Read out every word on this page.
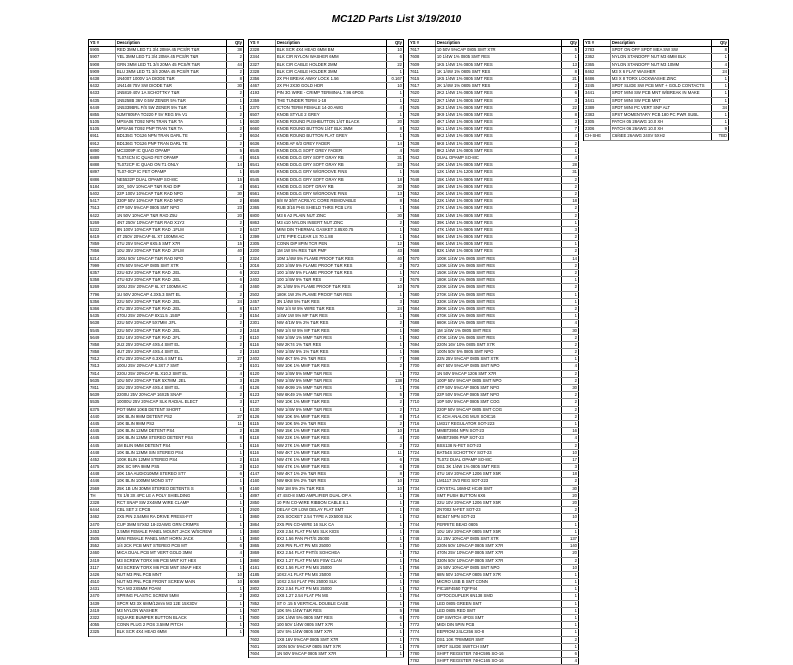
MC12D Parts List 3/19/2010
YS #	Description	Qty
5905	RED 3MM LED T1 3/4 20MA 45 PCS/R T&R	38
5907	YEL 3MM LED T1 3/4 20MA 45 PCS/R T&R	2
5908	GRN 3MM LED T1 3/4 20MA 45 PCS/R T&R	44
5909	BLU 3MM LED T1 3/4 20MA 45 PCS/R T&R	2
6438	1N4007 1000V 1A DIODE T&R	8
6432	1N4148 75V SW DIODE T&R	30
6433	1N5819 40V 1A SCHOTTKY T&R	2
6435	1N5258B 36V 0.5W ZENER 5% T&R	1
6449	1N5339BRL F/S 5W ZENER 5% T&R	1
6855	NJM7805FA TO220 F 5V REG 5% V1	2
5105	MPSA06 TO92 NPN TRAN T&R TA	1
5105	MPSA56 TO92 PNP TRAN T&R TA	2
6911	BD135G TO126 NPN TRAN DARL TE	2
6912	BD136G TO126 PNP TRAN DARL TE	2
6890	MC3309P IC QUAD OPAMP	5
6889	TL074CN IC QUAD FET OPAMP	4
6888	TL072CP IC QUAD ON T1 ONLY	14
6897	TL07-0CP IC FET OPAMP	1
6886	NE5532P DUAL OPAMP SO-8IC	15
5184	100_ 50V 10%CAP T&R RAD DIP	4
5402	22P 100V 10%CAP T&R RAD NPO	30
5417	330P 50V 10%CAP T&R RAD NPO	2
7513	47P 50V 5%CAP 0805 SMT NPO	23
6422	1N 50V 10%CAP T&R RAD Z5U	20
5269	4N7 250V 10%CAP T&R RAD X1Y2	2
5222	8N 100V 10%CAP T&R RAD .1FLM	2
6419	47 250V 20%CAP 6L X7 100MM AC	1
7859	47U 25V 5%CAP 6X5.5 SMT X7R	15
7856	10U 35V 20%CAP T&R RAD .2FLM	40
5214	100U 50V 10%CAP T&R RAD NPO	2
7999	47N 50V 5%CAP 0805 SMT X7R	1
6357	22U 63V 20%CAP T&R RAD .2EL	6
5358	47U 63V 20%CAP T&R RAD .2EL	6
5269	100U 25V 20%CAP 6L X7 100MM AC	4
7796	1U 50V 20%CAP 4.3X5.3 SMT EL	2
5356	22U 50V 20%CAP T&R RAD .2EL	24
5366	47U 35V 20%CAP T&R RAD .2EL	8
5435	470U 25V 20%CAP 8X11.5 .15SP	2
5638	22U 50V 20%CAP 5X7MM .2FL	2
5545	22U 50V 20%CAP T&R RAD .2EL	2
5649	33U 16V 20%CAP T&R RAD .2FL	2
7858	2U2 25V 20%CAP 4X5.4 SMT EL	2
7858	4U7 25V 20%CAP 4X5.4 SMT EL	2
7812	47U 25V 20%CAP 6.3X5.4 SMT EL	27
7813	100U 25V 20%CAP 6.3X7.7 SMT	2
7814	220U 25V 20%CAP 8L X10.2 SMT EL	4
5635	10U 50V 20%CAP T&R 5X7MM .2EL	3
7811	10U 25V 20%CAP 4X5.4 SMT EL	4
5639	2200U 25V 20%CAP 16X25 SNAP	2
5535	10000U 25V 20%CAP SLK RADIAL ELECT	3
6375	POT 9MM 10KB DETENT SHORT	1
4440	10K BLIN 9MM DETENT PS2	27
4445	10K BLIN 9MM PS2	11
4445	10K BLIN 12MM DETENT PS4	2
4445	10K BLIN 12MM STEREO DETENT PS4	8
4445	1M BLIN 9MM DETENT PS4	1
4448	10K BLIN 12MM SIN STEREO PS4	1
4452	100K BLIN 12MM STEREO PS4	2
4475	20K SC 9PA 9MM PS5	3
4448	10K 15A AUDIO10MM STEREO ST7	6
4446	10K BLIN 100MM MONO ST7	1
2569	25K 1B UN 30MM STEREO DETENTS S	9
TH	TS 1/8 3X 4PC LE A POLY SHIELDING	1
2328	RCT SNAP SW 2X4MM WIRE CLAMP	1
6444	CBL SET 2 CPCB	1
3462	2X5 PIN 2.54MM RA DRIVE PRESS-FIT	1
2470	CUP 3MM 57X62 18-22AWG GRN CRIMPS	1
2453	3.5MM FEMALE PANEL MOUNT JACK W/SCREW	1
3505	MINI FEMALE PANEL MNT HORN JACK	1
3552	1/4 2CK PCB MNT STEREO PCB MT	6
2460	MICA DUAL PCB MT VERT GOLD 3MM	4
2419	M3 SCREW TORX M6 PCB MNT KIT HEX	1
3117	M3 SCREW TORX M6 PCB MNT SNAP HEX	1
2426	NUT M3 PNL PCB MNT	10
4510	NUT M3 PNL PCB FRONT SCREW MAIN	10
2431	TCA M3 2X5MM FOAM	1
2470	SPRING PLASTIC SCREW 5MM	2
3439	SPCR M3 3X 6MM/12mm M3 12E 15X3DV	1
2419	M3 NYLON WASHER	1
2322	SQUARE BUMPER BUTTON BLACK	1
4055	CONN PLUG 2 POS 3.5MM PITCH	1
2325	BLK SCR 4X4 HEAD 6MM	1
YS #	Description	Qty
2328	BLK SCR 4X4 HEAD 6MM BM	10
2344	BLK CIR NYLON WASHER 6MM	6
2327	BLK CIR CABLE HOLDER 2MM	22
2328	BLK CIR CABLE HOLDER 3MM	1
2356	2X PH BREAK AWAY LOCK 1.56	0.167
4467	2X PH 2X30 GOLD HDR	10
4193	PIN 3G WIRE - CRIMP TERMINAL 7.96 6POS	1
2359	THE TUNDER TERM 1-18	1
2370	ICTON TERM FEMALE 14-20 AWG	4
6507	KNOB STYLE 2 GREY	1
6630	KNOB ROUND PUSHBUTTON 1/4T BLACK	20
6660	KNOB ROUND BUTTON 1/4T BLK 3MM	8
6634	KNOB ROUND BUTTON FLAT GREY	1
6636	KNOB AF 6/3 GREY FADER	14
6545	KNOB DOLG SOFT GREY FADER	4
6515	KNOB DOLG GRY SOFT GRAY RB	31
6541	KNOB DOLG GRY SOFT GRAY RB	24
6549	KNOB DOLG GRY W/GROOVE FINS	1
6545	KNOB DOLG GRY SOFT GRAY RB	18
6561	KNOB DOLG SOFT GRAY RB	30
6561	KNOB DOLG GRY W/GROOVE FINS	13
6566	5/8 W 3/8T ACRILYC CORE REMOVABLE	8
2365	RUB 3/16 PHS SHIELD THRS PCB LYS	1
6800	M3 6 A2 PLAIN NUT ZINC	30
6863	M3 x10 NYLON INSERT NUT ZINC	2
6437	MINI DIN THERMAL GASKET 3.85X0.75	1
2399	LITE PIPE CLEAR LS 70.1.88	1
2305	CONN DIP 8PIN TCR PEN	12
2200	1M 1W 5% RES T&R PMF	43
2324	10M 1/4W 5% FLAME PROOF T&R RES	40
2016	220 1/4W 5% FLAME PROOF T&R RES	2
2023	100 1/4W 5% FLAME PROOF T&R RES	1
2402	100 1/4W 5% T&R RES	2
2460	2K 1/4W 5% FLAME PROOF T&R RES	10
2502	180K 1W 2% PLAME PROOF T&R RES	1
2457	3N 1/4W 5% T&R RES	3
6157	NW 1/4 W 5% WIRE T&R RES	24
6154	1/4W 1W 5% MF T&R RES	1
2301	NW 4/1W 5% 2% T&R RES	2
2418	NW 1/4 W 5% MF T&R RES	1
6110	NW 1/4W 1% MMF T&R RES	1
6116	NW 2K74 1% T&R RES	1
2163	NW 1/4W 5% 1% T&R RES	1
2402	NW 4K7 5% 2% T&R RES	7
6101	NW 10K 1% MMF T&R RES	2
6120	NW 1/4W 5% MMF T&R RES	1
6129	NW 1/4W 5% MMF T&R RES	138
6126	NW 4K99 1% MMF T&R RES	1
6123	NW 6K49 1% MMF T&R RES	5
6127	NW 10K 1% MMF T&R RES	2
6130	NW 1/4W 5% MMF T&R RES	2
6126	NW 10K 5% MMF T&R RES	8
6115	NW 10K 5% 2% T&R RES	2
6138	NW 15K 1% MMF T&R RES	10
6118	NW 22K 1% MMF T&R RES	4
6116	NW 27K 1% MMF T&R RES	2
6116	NW 4K7 1% MMF T&R RES	11
6116	NW 47K 1% MMF T&R RES	6
6110	NW 47K 1% MMF T&R RES	6
4147	NW 4K7 1% 2% T&R RES	8
4160	NW 6K8 5% 2% T&R RES	10
4160	NW 1M 5% 2% T&R RES	10
4897	47 4SO-8 SMD AMPLIFIER DUAL OP A	1
2850	10 PIN CO-WIRE RIBBON CABLE 8.1	1
2920	DELAY CR LOW DELAY FLAT SMT	1
3860	2X5 SOCKET 2.54 TYPE A 2X5000 SLK	1
3864	2X5 PIN CO-WIRE 16 SLK CA	1
3860	2X8 2.54 FLAT PN MS SLK KIDS	1
3860	8X2 1.56 PAN PHT/S 25000	1
3865	2X8 PIN FLAT PN MS 25000	1
3869	8X2 2.54 FLAT PHT/S SOHCHEA	1
3860	8X2 1.27 FLAT PN MS FSW CLAN	1
4161	8X2 1.56 FLAT PN MS 25000	1
4185	10X2 A1 FLAT PN MS 25000	1
6069	10X2 2.54 FLAT PIN 25000 SLK	1
2802	3X2 2.54 FLAT PN MS 25000	1
2802	1X8 1.27 2.54 FLAT PN MS	1
7852	ST 0 .15 5 VERTICAL DOUBLE CASE	1
7607	10K 5% 1/4W T&R RES	5
7800	10K 1/4W 5% 0805 SMT RES	6
7603	100 50V 1/4W 0805 SMT X7R	1
7606	10V 5% 1/4W 0805 SMT X7R	1
7602	1X8 16V 5%CAP 0805 SMT X7R	1
7601	100N 50V 5%CAP 0805 SMT X7R	1
7604	1N 50V 5%CAP 0805 SMT X7R	1
YS #	Description	Qty
7617	10 50V 5%CAP 0805 SMT X7R	5
7608	10 1/4W 1% 0805 SMT RES	1
7609	1K5 1/4W 1% 0805 SMT RES	13
7611	1K 1/4W 1% 0805 SMT RES	8
7615	1K5 1/4W 1% 0805 SMT RES	21
7617	2K 1/4W 1% 0805 SMT RES	2
7620	2K2 1/4W 1% 0805 SMT RES	6
7622	2K7 1/4W 1% 0805 SMT RES	3
7625	3K3 1/4W 1% 0805 SMT RES	22
7628	3K9 1/4W 1% 0805 SMT RES	8
7630	4K7 1/4W 1% 0805 SMT RES	3
7632	5K1 1/4W 1% 0805 SMT RES	7
7635	6K2 1/4W 1% 0805 SMT RES	4
7638	6K8 1/4W 1% 0805 SMT RES	2
7640	8K2 1/4W 1% 0805 SMT RES	1
7642	DUAL OPAMP SO-8IC	4
7644	10K 1/4W 1% 0805 SMT RES	28
7646	12K 1/4W 1% 1206 SMT RES	31
7648	15K 1/4W 1% 0805 SMT RES	2
7650	18K 1/4W 1% 0805 SMT RES	2
7652	20K 1/4W 1% 0805 SMT RES	2
7654	22K 1/4W 1% 0805 SMT RES	18
7656	27K 1/4W 1% 0805 SMT RES	2
7658	33K 1/4W 1% 0805 SMT RES	2
7660	39K 1/4W 1% 0805 SMT RES	1
7662	47K 1/4W 1% 0805 SMT RES	3
7664	56K 1/4W 1% 0805 SMT RES	2
7666	68K 1/4W 1% 0805 SMT RES	1
7668	82K 1/4W 1% 0805 SMT RES	2
7670	100K 1/4W 1% 0805 SMT RES	14
7672	120K 1/4W 1% 0805 SMT RES	2
7674	150K 1/4W 1% 0805 SMT RES	2
7676	180K 1/4W 1% 0805 SMT RES	1
7678	220K 1/4W 1% 0805 SMT RES	2
7680	270K 1/4W 1% 0805 SMT RES	1
7682	330K 1/4W 1% 0805 SMT RES	1
7684	390K 1/4W 1% 0805 SMT RES	2
7686	470K 1/4W 1% 0805 SMT RES	1
7688	680K 1/4W 1% 0805 SMT RES	4
7690	1M 1/4W 1% 0805 SMT RES	30
7692	470K 1/4W 1% 0805 SMT RES	2
7694	220N 16V 10% 0805 SMT X7R	2
7696	100N 50V 5% 0805 SMT NPO	2
7698	22N 25V 5%CAP 0805 SMT X7R	1
7700	4N7 50V 5%CAP 0805 SMT NPO	4
7702	1N 50V 5%CAP 1206 SMT X7R	2
7704	100P 50V 5%CAP 0805 SMT NPO	2
7706	47P 50V 5%CAP 0805 SMT NPO	30
7708	22P 50V 5%CAP 0805 SMT NPO	2
7710	10P 50V 5%CAP 0805 SMT COG	2
7712	220P 50V 5%CAP 0805 SMT COG	2
7714	IC 4CH ANALOG MUX SOIC16	2
7716	LM317 REGULATOR SOT-223	1
7718	MMBT3904 NPN SOT-23	16
7720	MMBT3906 PNP SOT-23	4
7722	BSS138 N-FET SOT-23	2
7724	BAT54S SCHOTTKY SOT-23	10
7726	TL072 DUAL OPAMP SO-8IC	17
7728	DS1 3K 1/4W 1% 0805 SMT RES	3
7730	47U 16V 20%CAP 1206 SMT X5R	18
7732	LM1117 3V3 REG SOT-223	2
7734	CRYSTAL 16MHZ HC49 SMT	30
7736	SMT PUSH BUTTON 6X6	20
7738	22U 10V 20%CAP 1206 SMT X5R	20
7740	2N7002 N-FET SOT-23	2
7742	BC847 NPN SOT-23	10
7744	FERRITE BEAD 0805	1
7746	10U 16V 20%CAP 0805 SMT X5R	1
7748	1U 25V 10%CAP 0805 SMT X7R	137
7750	220N 50V 10%CAP 0805 SMT X7R	140
7752	470N 25V 10%CAP 0805 SMT X7R	20
7754	330N 50V 10%CAP 0805 SMT X7R	2
7756	1N 50V 10%CAP 0805 SMT NPO	10
7758	68N 50V 10%CAP 0805 SMT X7R	1
7760	MICRO USB B SMT CONN	1
7762	PIC18F4550 TQFP44	1
7764	OPTOCOUPLER 6N138 SMD	1
7766	LED 0805 GREEN SMT	1
7768	LED 0805 RED SMT	1
7770	DIP SWITCH 4POS SMT	1
7772	MIDI DIN 5PIN PCB	1
7774	EEPROM 24LC256 SO-8	1
7776	DS1 10K TRIMMER SMT	2
7778	SPDT SLIDE SWITCH SMT	1
7780	SHIFT REGISTER 74HC595 SO-16	6
7782	SHIFT REGISTER 74HC165 SO-16	4
YS #	Description	Qty
2783	SPDT ON OFF SPDT MEA SW SW	8
2362	NYLON STANDOFF NUT M3 6MM BLK	1
2365	NYLON STANDOFF NUT M3 10MM	4
8462	M3 X 6 FLAT WASHER	24
8486	M3 X 8 TORX LOCKWASHE ZINC	1
3245	SPDT SLIDE SW PCB MNT + GOLD CONTACTS	1
3441	SPDT MINI SW PCB MNT W/BREAK IN MAKE	1
3441	SPDT MINI SW PCB MNT	1
2389	SPDT MINI PC VERT SNP ALT	34
2383	SPST MOMENTARY PCB 180 PC PWR SUBL	1
2305	PATCH 05 28AWG 10.0 XH	1
2306	PATCH 06 26AWG 10.0 XH	9
CH-SHE	C6/6EE 26AWG 24SV 5XH2	TBD
